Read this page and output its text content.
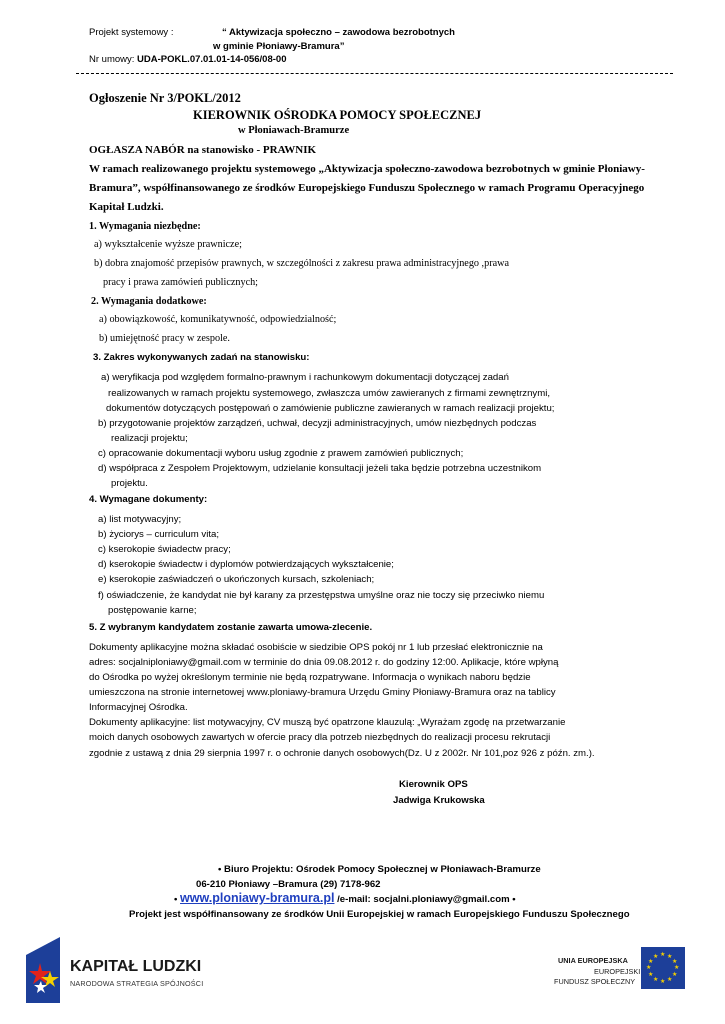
Projekt systemowy :	“ Aktywizacja społeczno – zawodowa bezrobotnych
w gminie Płoniawy-Bramura”
Nr umowy: UDA-POKL.07.01.01-14-056/08-00
Ogłoszenie Nr 3/POKL/2012
KIEROWNIK OŚRODKA POMOCY SPOŁECZNEJ
w Płoniawach-Bramurze
OGŁASZA NABÓR na stanowisko - PRAWNIK
W ramach realizowanego projektu systemowego „Aktywizacja społeczno-zawodowa bezrobotnych w gminie Płoniawy-
Bramura”, współfinansowanego ze środków Europejskiego Funduszu Społecznego w ramach Programu Operacyjnego
Kapitał Ludzki.
1. Wymagania niezbędne:
a) wykształcenie wyższe prawnicze;
b) dobra znajomość przepisów prawnych, w szczególności z zakresu prawa administracyjnego ,prawa
pracy i prawa zamówień publicznych;
2. Wymagania dodatkowe:
a) obowiązkowość, komunikatywność, odpowiedzialność;
b) umiejętność pracy w zespole.
3. Zakres wykonywanych zadań na stanowisku:
a) weryfikacja pod względem formalno-prawnym i rachunkowym dokumentacji dotyczącej zadań
realizowanych w ramach projektu systemowego, zwłaszcza umów zawieranych z firmami zewnętrznymi,
dokumentów dotyczących postępowań o zamówienie publiczne zawieranych w ramach realizacji projektu;
b) przygotowanie projektów zarządzeń, uchwał, decyzji administracyjnych, umów niezbędnych podczas
realizacji projektu;
c) opracowanie dokumentacji wyboru usług zgodnie z prawem zamówień publicznych;
d) współpraca z Zespołem Projektowym, udzielanie konsultacji jeżeli taka będzie potrzebna uczestnikom
projektu.
4. Wymagane dokumenty:
a) list motywacyjny;
b) życiorys – curriculum vita;
c) kserokopie świadectw pracy;
d) kserokopie świadectw i dyplomów potwierdzających wykształcenie;
e) kserokopie zaświadczeń o ukończonych kursach, szkoleniach;
f) oświadczenie, że kandydat nie był karany za przestępstwa umyślne oraz nie toczy się przeciwko niemu
postępowanie karne;
5. Z wybranym kandydatem zostanie zawarta umowa-zlecenie.
Dokumenty aplikacyjne można składać osobiście w siedzibie OPS pokój nr 1 lub przesłać elektronicznie na
adres: socjalniploniawy@gmail.com w terminie do dnia 09.08.2012 r. do godziny 12:00. Aplikacje, które wpłyną
do Ośrodka po wyżej określonym terminie nie będą rozpatrywane. Informacja o wynikach naboru będzie
umieszczona na stronie internetowej www.ploniawy-bramura Urzędu Gminy Płoniawy-Bramura oraz na tablicy
Informacyjnej Ośrodka.
Dokumenty aplikacyjne: list motywacyjny, CV muszą być opatrzone klauzulą: „Wyrażam zgodę na przetwarzanie
moich danych osobowych zawartych w ofercie pracy dla potrzeb niezbędnych do realizacji procesu rekrutacji
zgodnie z ustawą z dnia 29 sierpnia 1997 r. o ochronie danych osobowych(Dz. U z 2002r. Nr 101,poz 926 z późn. zm.).
Kierownik OPS
Jadwiga Krukowska
• Biuro Projektu: Ośrodek Pomocy Społecznej w Płoniawach-Bramurze
06-210 Płoniawy –Bramura (29) 7178-962
• www.ploniawy-bramura.pl /e-mail: socjalni.ploniawy@gmail.com •
Projekt jest współfinansowany ze środków Unii Europejskiej w ramach Europejskiego Funduszu Społecznego
KAPITAŁ LUDZKI
NARODOWA STRATEGIA SPÓJNOŚCI
UNIA EUROPEJSKA
EUROPEJSKI
FUNDUSZ SPOŁECZNY
★ ★
★
★
★
★
★
★
★
★
★
★
